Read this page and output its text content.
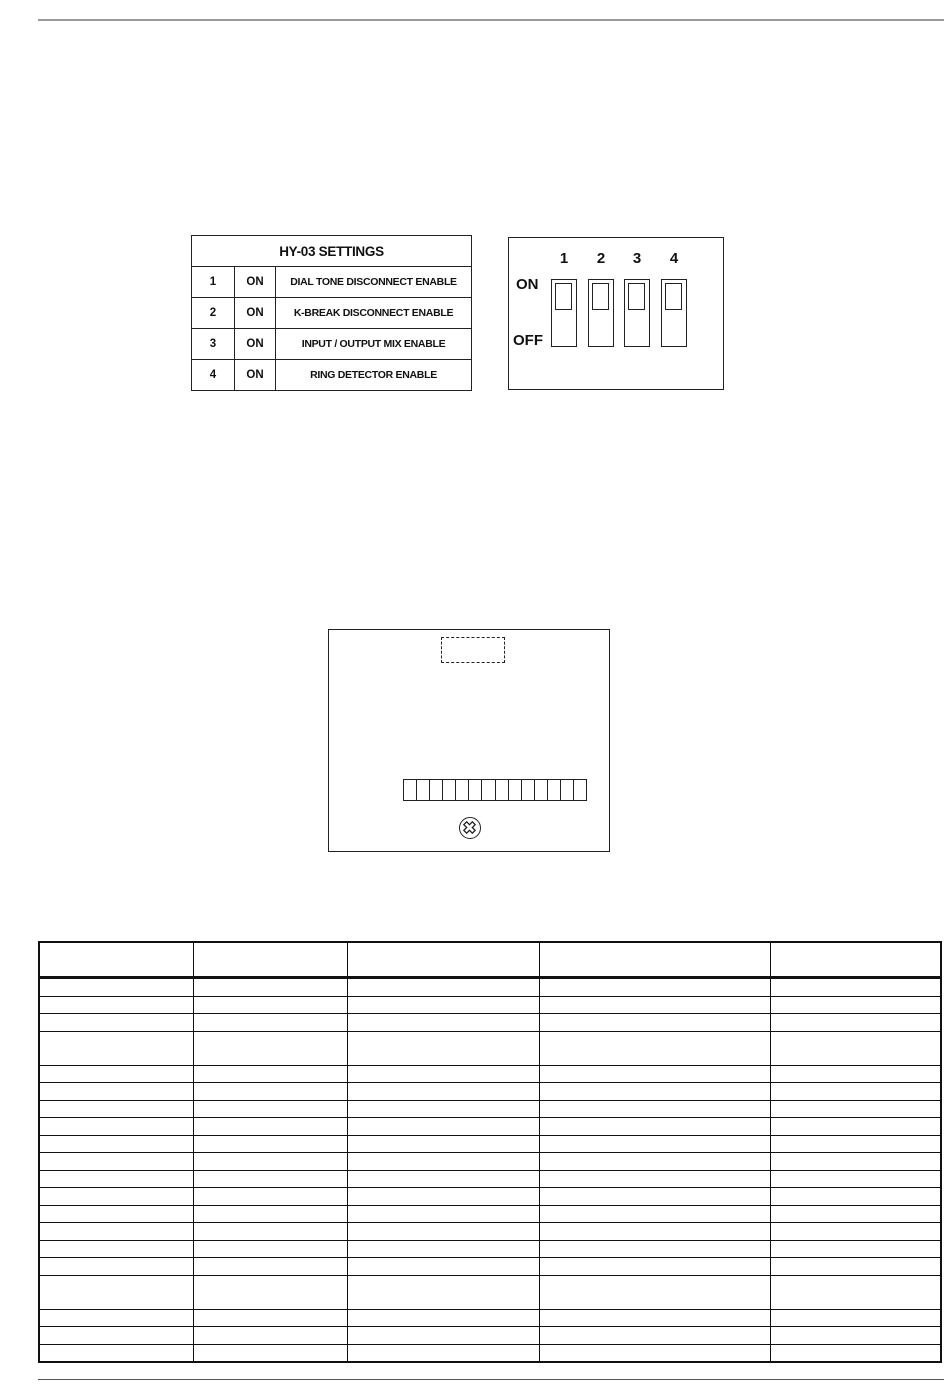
HY-03 SETTINGS
1	ON	DIAL TONE DISCONNECT ENABLE
2	ON	K-BREAK DISCONNECT ENABLE
3	ON	INPUT / OUTPUT MIX ENABLE
4	ON	RING DETECTOR ENABLE
1	2	3	4
ON
OFF
